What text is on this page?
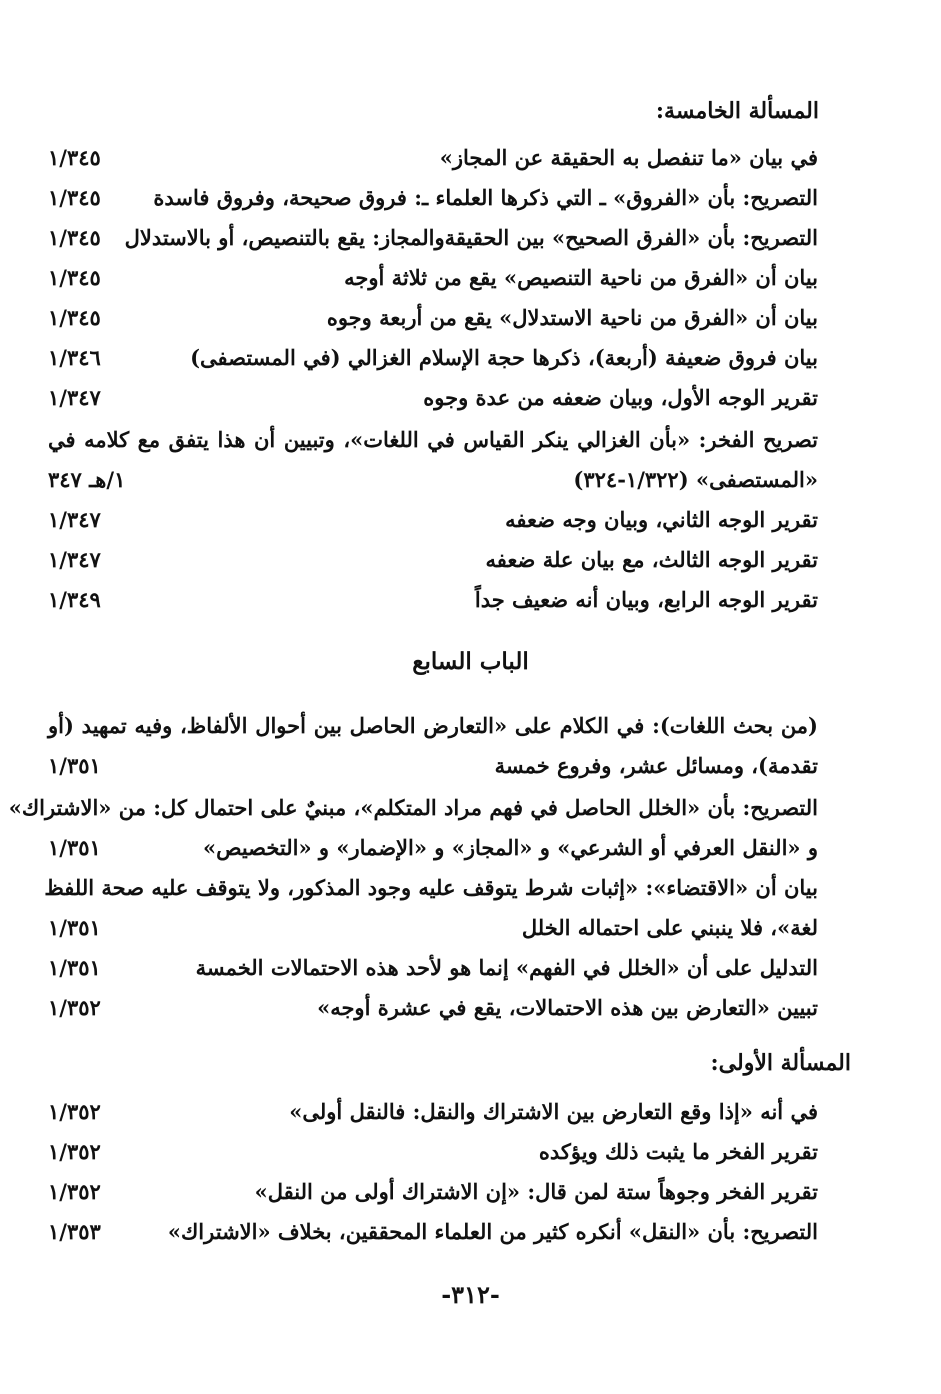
المسألة الخامسة:
في بيان «ما تنفصل به الحقيقة عن المجاز»
١/٣٤٥
التصريح: بأن «الفروق» ـ التي ذكرها العلماء ـ: فروق صحيحة، وفروق فاسدة
١/٣٤٥
التصريح: بأن «الفرق الصحيح» بين الحقيقةوالمجاز: يقع بالتنصيص، أو بالاستدلال
١/٣٤٥
بيان أن «الفرق من ناحية التنصيص» يقع من ثلاثة أوجه
١/٣٤٥
بيان أن «الفرق من ناحية الاستدلال» يقع من أربعة وجوه
١/٣٤٥
بيان فروق ضعيفة (أربعة)، ذكرها حجة الإسلام الغزالي (في المستصفى)
١/٣٤٦
تقرير الوجه الأول، وبيان ضعفه من عدة وجوه
١/٣٤٧
تصريح الفخر: «بأن الغزالي ينكر القياس في اللغات»، وتبيين أن هذا يتفق مع كلامه في
«المستصفى» (١/٣٢٢-٣٢٤)
١/هـ ٣٤٧
تقرير الوجه الثاني، وبيان وجه ضعفه
١/٣٤٧
تقرير الوجه الثالث، مع بيان علة ضعفه
١/٣٤٧
تقرير الوجه الرابع، وبيان أنه ضعيف جداً
١/٣٤٩
الباب السابع
(من بحث اللغات): في الكلام على «التعارض الحاصل بين أحوال الألفاظ، وفيه تمهيد (أو
تقدمة)، ومسائل عشر، وفروع خمسة
١/٣٥١
التصريح: بأن «الخلل الحاصل في فهم مراد المتكلم»، مبنيٌ على احتمال كل: من «الاشتراك»
و «النقل العرفي أو الشرعي» و «المجاز» و «الإضمار» و «التخصيص»
١/٣٥١
بيان أن «الاقتضاء»: «إثبات شرط يتوقف عليه وجود المذكور، ولا يتوقف عليه صحة اللفظ
لغة»، فلا ينبني على احتماله الخلل
١/٣٥١
التدليل على أن «الخلل في الفهم» إنما هو لأحد هذه الاحتمالات الخمسة
١/٣٥١
تبيين «التعارض بين هذه الاحتمالات، يقع في عشرة أوجه»
١/٣٥٢
المسألة الأولى:
في أنه «إذا وقع التعارض بين الاشتراك والنقل: فالنقل أولى»
١/٣٥٢
تقرير الفخر ما يثبت ذلك ويؤكده
١/٣٥٢
تقرير الفخر وجوهاً ستة لمن قال: «إن الاشتراك أولى من النقل»
١/٣٥٢
التصريح: بأن «النقل» أنكره كثير من العلماء المحققين، بخلاف «الاشتراك»
١/٣٥٣
-٣١٢-
